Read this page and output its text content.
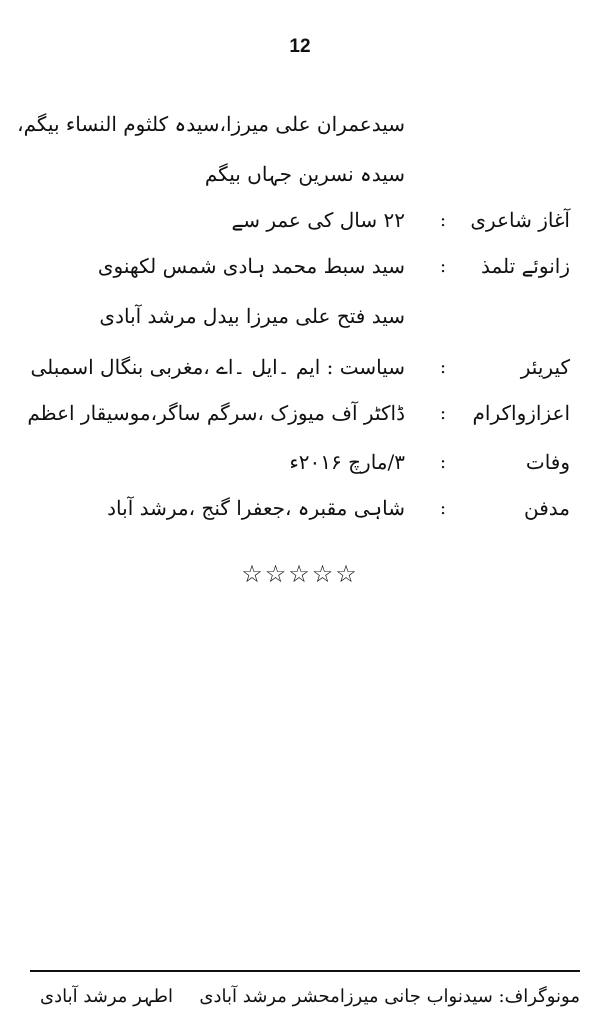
12
سیدعمران علی میرزا،سیدہ کلثوم النساء بیگم،
سیدہ نسرین جہاں بیگم
آغاز شاعری
:
۲۲ سال کی عمر سے
زانوئے تلمذ
:
سید سبط محمد ہادی شمس لکھنوی
سید فتح علی میرزا بیدل مرشد آبادی
کیریئر
:
سیاست : ایم ۔ایل ۔اے ،مغربی بنگال اسمبلی
اعزازواکرام
:
ڈاکٹر آف میوزک ،سرگم ساگر،موسیقار اعظم
وفات
:
۳/مارچ ۲۰۱۶ء
مدفن
:
شاہی مقبرہ ،جعفرا گنج ،مرشد آباد
☆☆☆☆☆
مونوگراف: سیدنواب جانی میرزامحشر مرشد آبادی
اطہر مرشد آبادی
